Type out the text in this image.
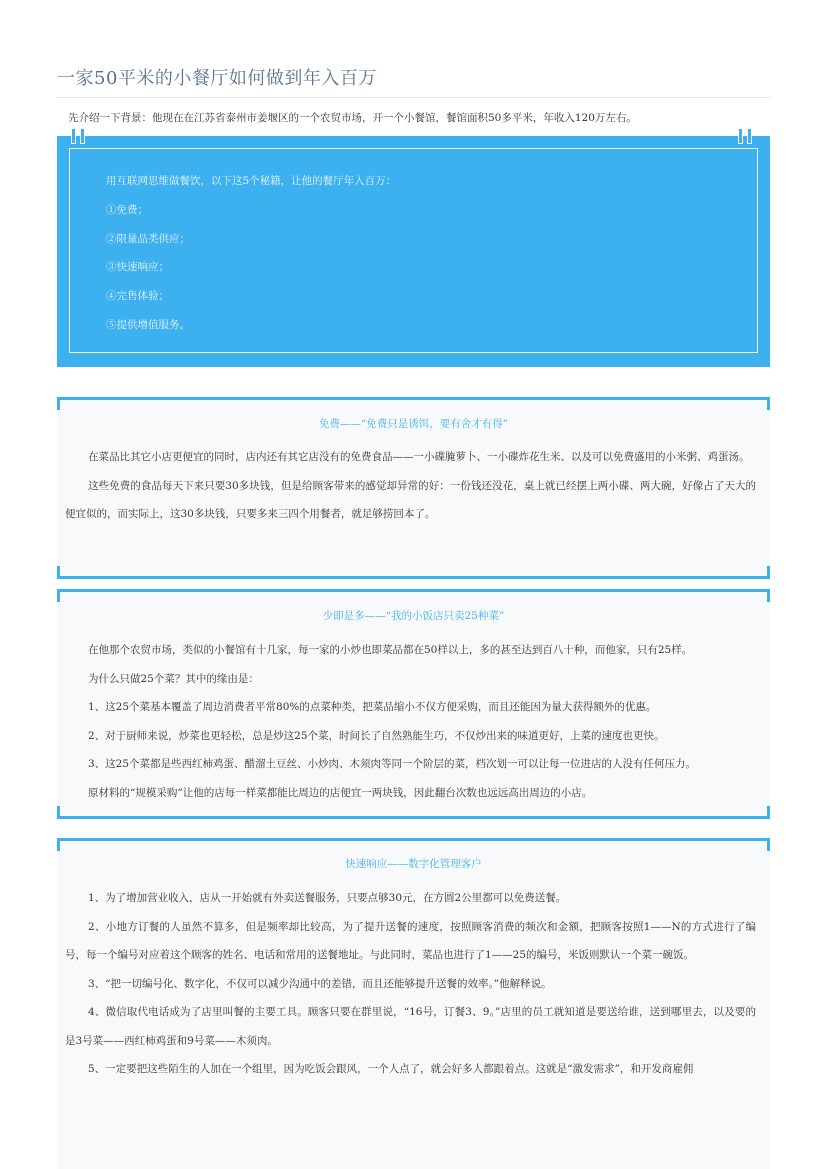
一家50平米的小餐厅如何做到年入百万
先介绍一下背景：他现在在江苏省泰州市姜堰区的一个农贸市场，开一个小餐馆，餐馆面积50多平米，年收入120万左右。
用互联网思维做餐饮，以下这5个秘籍，让他的餐厅年入百万：
①免费；
②限量品类供应；
③快速响应；
④完售体验；
⑤提供增值服务。
免费——“免费只是诱饵，要有舍才有得”

在菜品比其它小店更便宜的同时，店内还有其它店没有的免费食品——一小碟腌萝卜、一小碟炸花生米、以及可以免费盛用的小米粥、鸡蛋汤。

这些免费的食品每天下来只要30多块钱，但是给顾客带来的感觉却异常的好：一份钱还没花，桌上就已经摆上两小碟、两大碗，好像占了天大的便宜似的，而实际上，这30多块钱，只要多来三四个用餐者，就足够捞回本了。

少即是多——“我的小饭店只卖25种菜”

在他那个农贸市场，类似的小餐馆有十几家，每一家的小炒也即菜品都在50样以上，多的甚至达到百八十种，而他家，只有25样。

为什么只做25个菜？其中的缘由是：

1、这25个菜基本覆盖了周边消费者平常80%的点菜种类，把菜品缩小不仅方便采购，而且还能因为量大获得额外的优惠。

2、对于厨师来说，炒菜也更轻松，总是炒这25个菜，时间长了自然熟能生巧，不仅炒出来的味道更好，上菜的速度也更快。

3、这25个菜都是些西红柿鸡蛋、醋溜土豆丝、小炒肉、木须肉等同一个阶层的菜，档次划一可以让每一位进店的人没有任何压力。

原材料的“规模采购”让他的店每一样菜都能比周边的店便宜一两块钱，因此翻台次数也远远高出周边的小店。

快速响应——数字化管理客户

1、为了增加营业收入，店从一开始就有外卖送餐服务，只要点够30元，在方圆2公里都可以免费送餐。

2、小地方订餐的人虽然不算多，但是频率却比较高，为了提升送餐的速度，按照顾客消费的频次和金额，把顾客按照1——N的方式进行了编号，每一个编号对应着这个顾客的姓名、电话和常用的送餐地址。与此同时，菜品也进行了1——25的编号，米饭则默认一个菜一碗饭。

3、“把一切编号化、数字化，不仅可以减少沟通中的差错，而且还能够提升送餐的效率。”他解释说。

4、微信取代电话成为了店里叫餐的主要工具。顾客只要在群里说，“16号，订餐3、9。”店里的员工就知道是要送给谁，送到哪里去，以及要的是3号菜——西红柿鸡蛋和9号菜——木须肉。

5、一定要把这些陌生的人加在一个组里，因为吃饭会跟风，一个人点了，就会好多人都跟着点。这就是“激发需求”，和开发商雇佣
